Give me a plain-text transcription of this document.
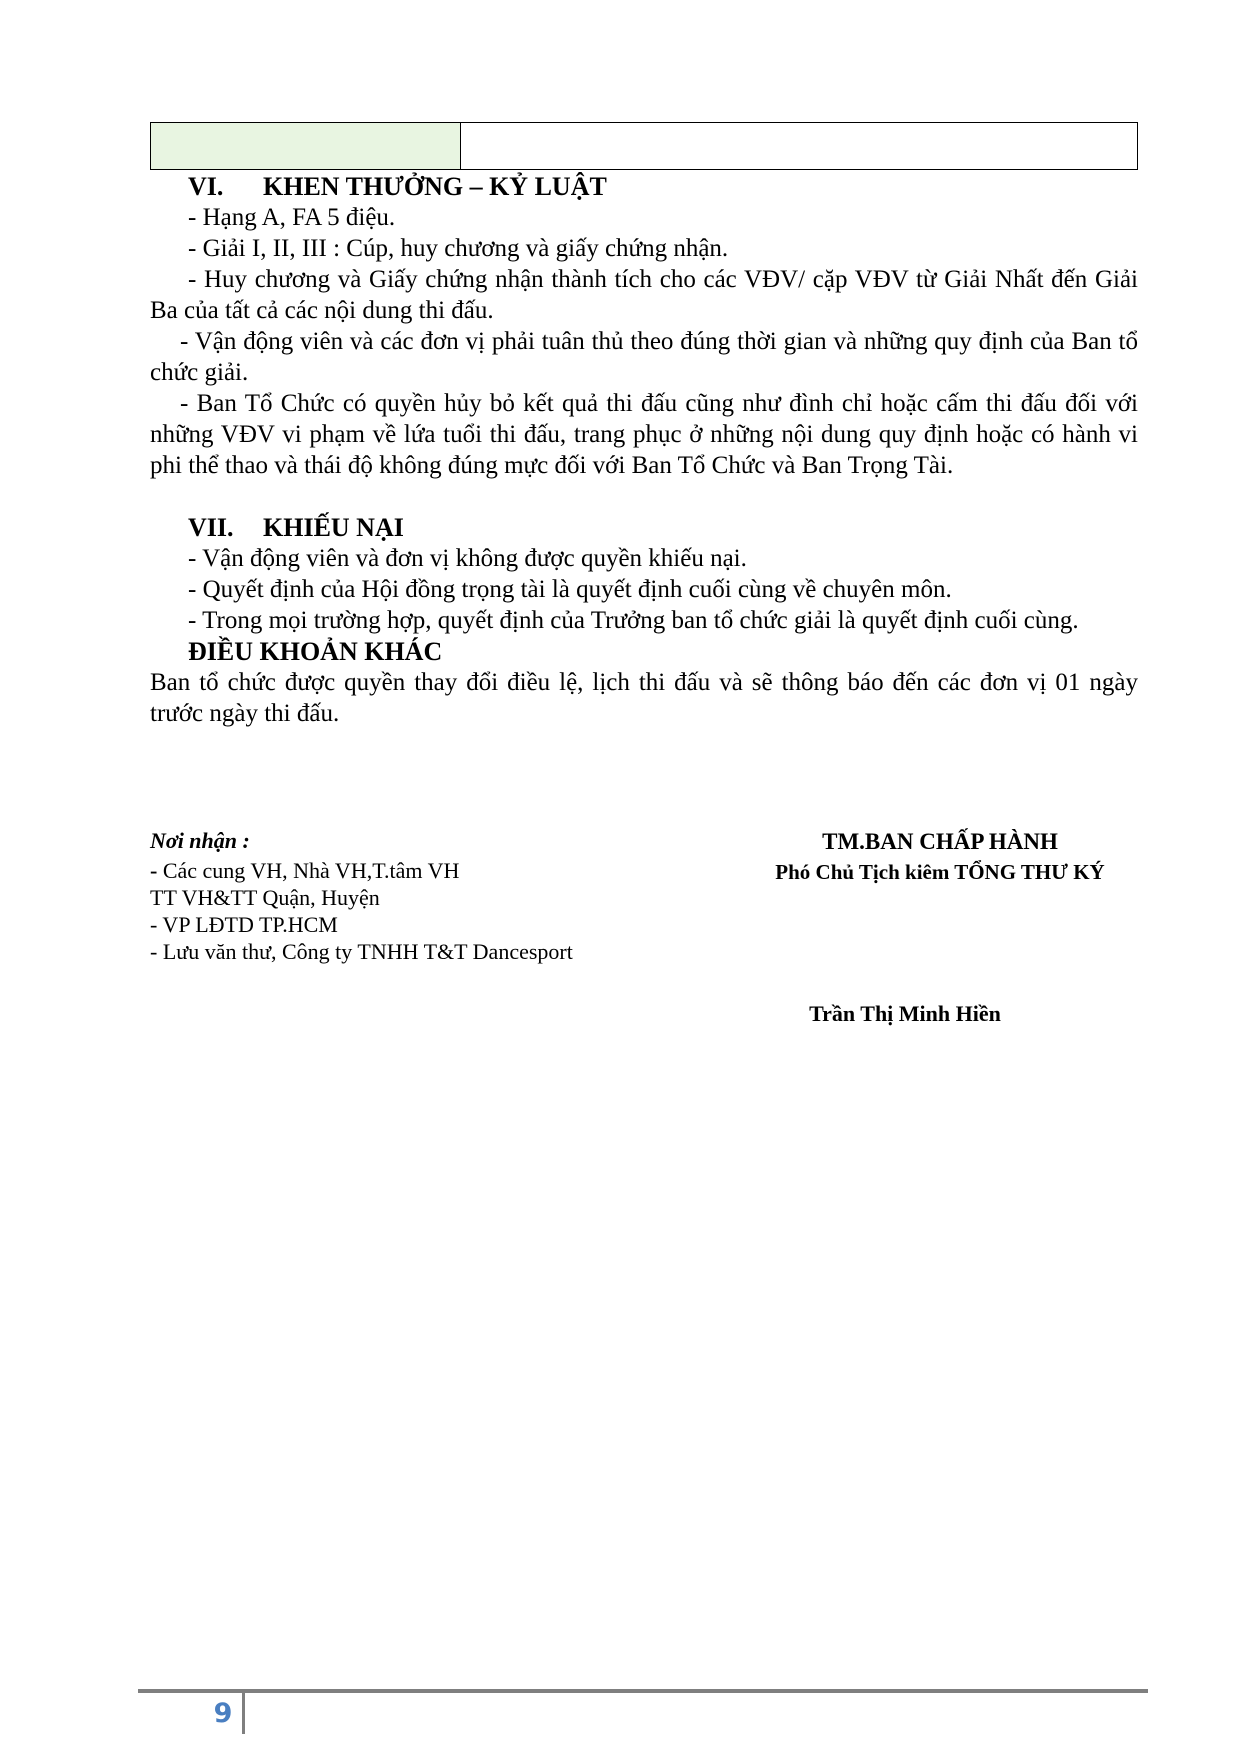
VI. KHEN THƯỞNG – KỶ LUẬT

- Hạng A, FA 5 điệu.

- Giải I, II, III : Cúp, huy chương và giấy chứng nhận.

- Huy chương và Giấy chứng nhận thành tích cho các VĐV/ cặp VĐV từ Giải Nhất đến Giải Ba của tất cả các nội dung thi đấu.

- Vận động viên và các đơn vị phải tuân thủ theo đúng thời gian và những quy định của Ban tổ chức giải.

- Ban Tổ Chức có quyền hủy bỏ kết quả thi đấu cũng như đình chỉ hoặc cấm thi đấu đối với những VĐV vi phạm về lứa tuổi thi đấu, trang phục ở những nội dung quy định hoặc có hành vi phi thể thao và thái độ không đúng mực đối với Ban Tổ Chức và Ban Trọng Tài.

VII. KHIẾU NẠI

- Vận động viên và đơn vị không được quyền khiếu nại.

- Quyết định của Hội đồng trọng tài là quyết định cuối cùng về chuyên môn.

- Trong mọi trường hợp, quyết định của Trưởng ban tổ chức giải là quyết định cuối cùng.

ĐIỀU KHOẢN KHÁC

Ban tổ chức được quyền thay đổi điều lệ, lịch thi đấu và sẽ thông báo đến các đơn vị 01 ngày trước ngày thi đấu.

Nơi nhận :
- Các cung VH, Nhà VH,T.tâm VH
TT VH&TT Quận, Huyện
- VP LĐTD TP.HCM
- Lưu văn thư, Công ty TNHH T&T Dancesport
TM.BAN CHẤP HÀNH
Phó Chủ Tịch kiêm TỔNG THƯ KÝ
Trần Thị Minh Hiền
9
